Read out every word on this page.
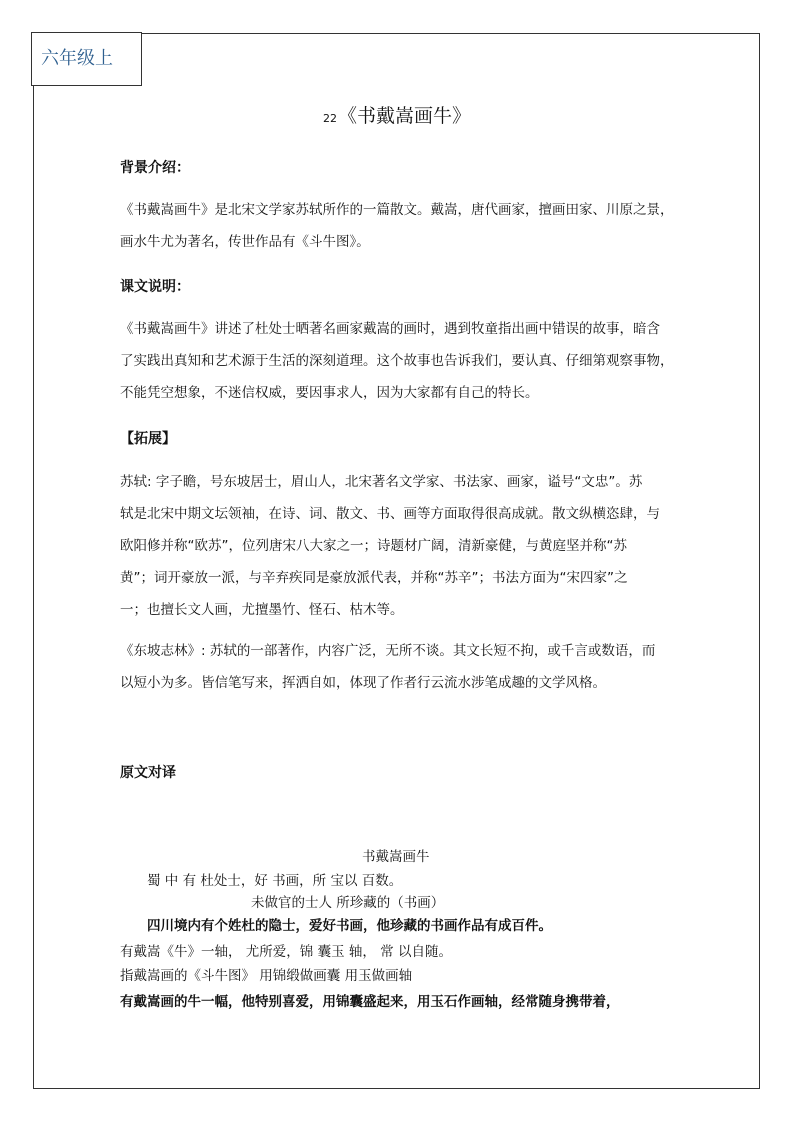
六年级上
22《书戴嵩画牛》
背景介绍：
《书戴嵩画牛》是北宋文学家苏轼所作的一篇散文。戴嵩，唐代画家，擅画田家、川原之景，
画水牛尤为著名，传世作品有《斗牛图》。
课文说明：
《书戴嵩画牛》讲述了杜处士晒著名画家戴嵩的画时，遇到牧童指出画中错误的故事，暗含
了实践出真知和艺术源于生活的深刻道理。这个故事也告诉我们，要认真、仔细第观察事物，
不能凭空想象，不迷信权威，要因事求人，因为大家都有自己的特长。
【拓展】
苏轼: 字子瞻，号东坡居士，眉山人，北宋著名文学家、书法家、画家，谥号“文忠”。苏
轼是北宋中期文坛领袖，在诗、词、散文、书、画等方面取得很高成就。散文纵横恣肆，与
欧阳修并称“欧苏”，位列唐宋八大家之一；诗题材广阔，清新豪健，与黄庭坚并称“苏
黄”；词开豪放一派，与辛弃疾同是豪放派代表，并称“苏辛”；书法方面为“宋四家”之
一；也擅长文人画，尤擅墨竹、怪石、枯木等。
《东坡志林》: 苏轼的一部著作，内容广泛，无所不谈。其文长短不拘，或千言或数语，而
以短小为多。皆信笔写来，挥洒自如，体现了作者行云流水涉笔成趣的文学风格。
原文对译
书戴嵩画牛
蜀 中 有 杜处士，好 书画，所 宝以 百数。
未做官的士人 所珍藏的（书画）
四川境内有个姓杜的隐士，爱好书画，他珍藏的书画作品有成百件。
有戴嵩《牛》一轴， 尤所爱，锦 囊玉 轴， 常 以自随。
指戴嵩画的《斗牛图》 用锦缎做画囊 用玉做画轴
有戴嵩画的牛一幅，他特别喜爱，用锦囊盛起来，用玉石作画轴，经常随身携带着，
